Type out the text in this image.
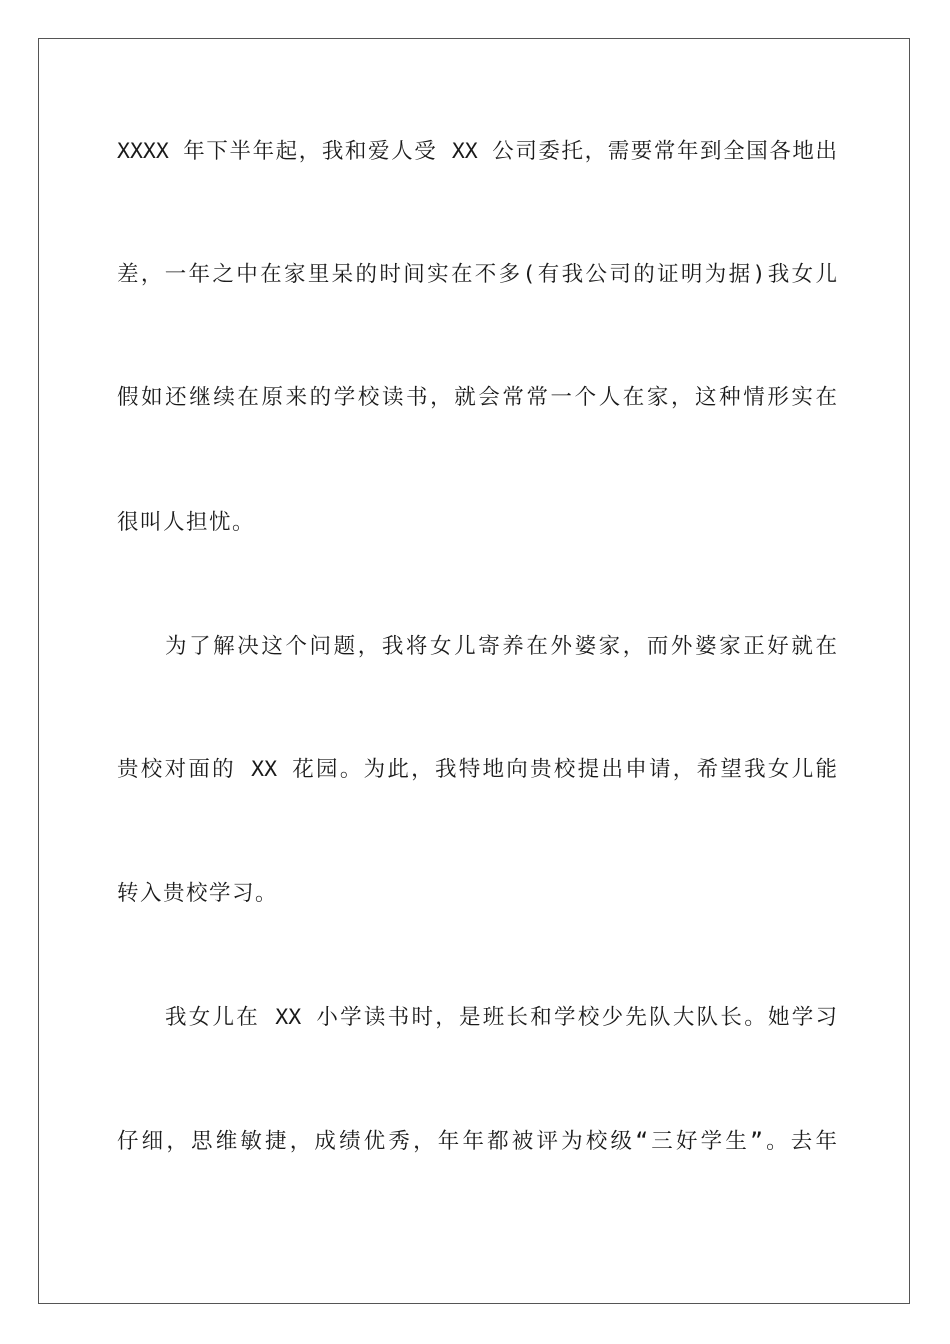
XXXX 年下半年起，我和爱人受 XX 公司委托，需要常年到全国各地出

差，一年之中在家里呆的时间实在不多(有我公司的证明为据)我女儿

假如还继续在原来的学校读书，就会常常一个人在家，这种情形实在

很叫人担忧。

为了解决这个问题，我将女儿寄养在外婆家，而外婆家正好就在

贵校对面的 XX 花园。为此，我特地向贵校提出申请，希望我女儿能

转入贵校学习。

我女儿在 XX 小学读书时，是班长和学校少先队大队长。她学习

仔细，思维敏捷，成绩优秀，年年都被评为校级“三好学生”。去年
